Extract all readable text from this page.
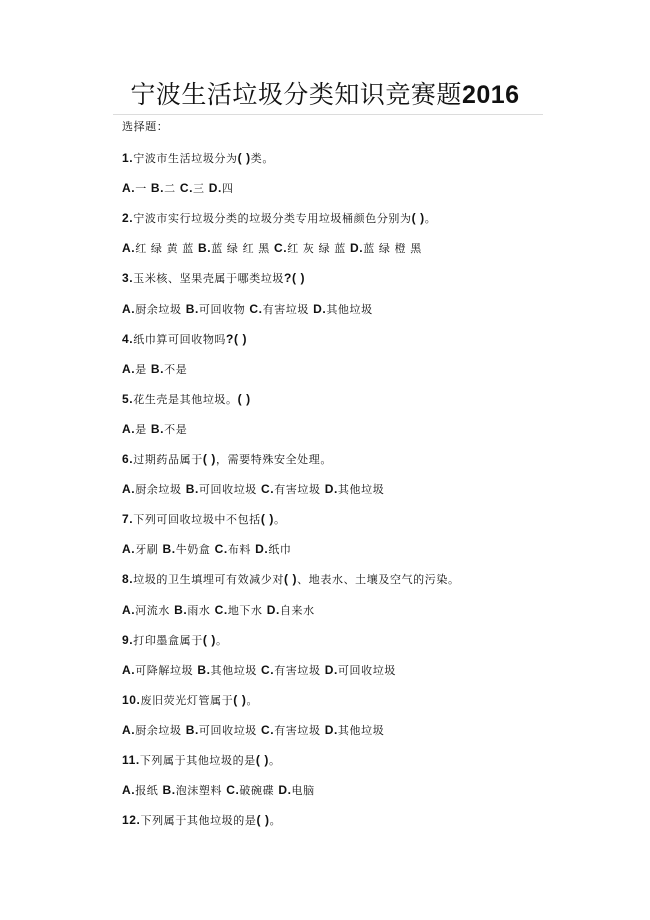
宁波生活垃圾分类知识竞赛题2016
选择题：
1.宁波市生活垃圾分为( )类。
A.一 B.二 C.三 D.四
2.宁波市实行垃圾分类的垃圾分类专用垃圾桶颜色分别为( )。
A.红 绿 黄 蓝 B.蓝 绿 红 黑 C.红 灰 绿 蓝 D.蓝 绿 橙 黑
3.玉米核、坚果壳属于哪类垃圾?( )
A.厨余垃圾 B.可回收物 C.有害垃圾 D.其他垃圾
4.纸巾算可回收物吗?( )
A.是 B.不是
5.花生壳是其他垃圾。( )
A.是 B.不是
6.过期药品属于( )，需要特殊安全处理。
A.厨余垃圾 B.可回收垃圾 C.有害垃圾 D.其他垃圾
7.下列可回收垃圾中不包括( )。
A.牙刷 B.牛奶盒 C.布料 D.纸巾
8.垃圾的卫生填埋可有效减少对( )、地表水、土壤及空气的污染。
A.河流水 B.雨水 C.地下水 D.自来水
9.打印墨盒属于( )。
A.可降解垃圾 B.其他垃圾 C.有害垃圾 D.可回收垃圾
10.废旧荧光灯管属于( )。
A.厨余垃圾 B.可回收垃圾 C.有害垃圾 D.其他垃圾
11.下列属于其他垃圾的是( )。
A.报纸 B.泡沫塑料 C.破碗碟 D.电脑
12.下列属于其他垃圾的是( )。
